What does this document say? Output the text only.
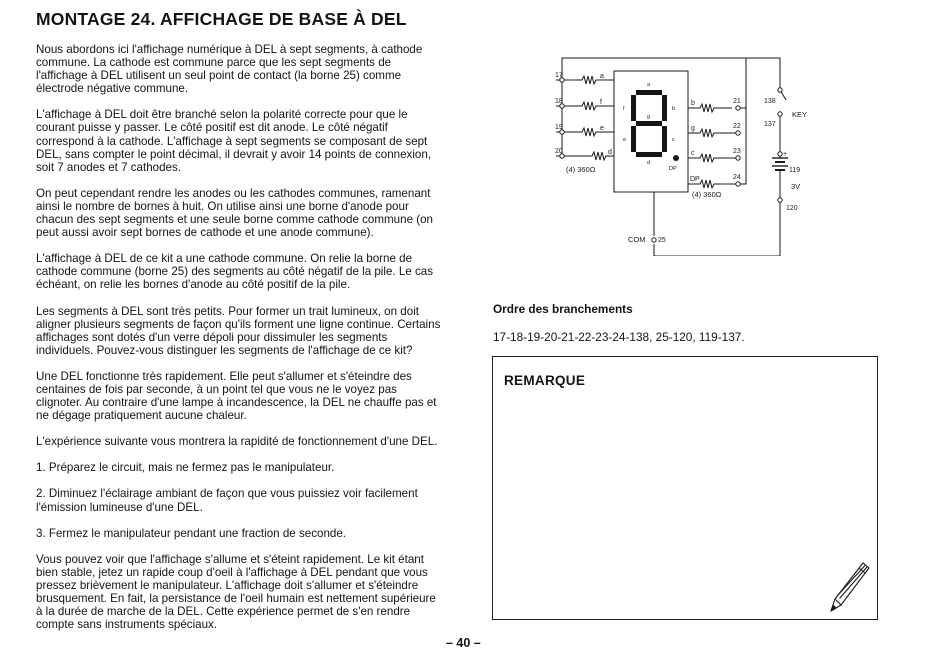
MONTAGE 24. AFFICHAGE DE BASE À DEL

Nous abordons ici l'affichage numérique à DEL à sept segments, à cathode commune. La cathode est commune parce que les sept segments de l'affichage à DEL utilisent un seul point de contact (la borne 25) comme électrode négative commune.

L'affichage à DEL doit être branché selon la polarité correcte pour que le courant puisse y passer. Le côté positif est dit anode. Le côté négatif correspond à la cathode. L'affichage à sept segments se composant de sept DEL, sans compter le point décimal, il devrait y avoir 14 points de connexion, soit 7 anodes et 7 cathodes.

On peut cependant rendre les anodes ou les cathodes communes, ramenant ainsi le nombre de bornes à huit. On utilise ainsi une borne d'anode pour chacun des sept segments et une seule borne comme cathode commune (on peut aussi avoir sept bornes de cathode et une anode commune).

L'affichage à DEL de ce kit a une cathode commune. On relie la borne de cathode commune (borne 25) des segments au côté négatif de la pile. Le cas échéant, on relie les bornes d'anode au côté positif de la pile.

Les segments à DEL sont très petits. Pour former un trait lumineux, on doit aligner plusieurs segments de façon qu'ils forment une ligne continue. Certains affichages sont dotés d'un verre dépoli pour dissimuler les segments individuels. Pouvez-vous distinguer les segments de l'affichage de ce kit?

Une DEL fonctionne très rapidement. Elle peut s'allumer et s'éteindre des centaines de fois par seconde, à un point tel que vous ne le voyez pas clignoter. Au contraire d'une lampe à incandescence, la DEL ne chauffe pas et ne dégage pratiquement aucune chaleur.

L'expérience suivante vous montrera la rapidité de fonctionnement d'une DEL.

1. Préparez le circuit, mais ne fermez pas le manipulateur.

2. Diminuez l'éclairage ambiant de façon que vous puissiez voir facilement l'émission lumineuse d'une DEL.

3. Fermez le manipulateur pendant une fraction de seconde.

Vous pouvez voir que l'affichage s'allume et s'éteint rapidement. Le kit étant bien stable, jetez un rapide coup d'oeil à l'affichage à DEL pendant que vous pressez brièvement le manipulateur. L'affichage doit s'allumer et s'éteindre brusquement. En fait, la persistance de l'oeil humain est nettement supérieure à la durée de marche de la DEL. Cette expérience permet de s'en rendre compte sans instruments spéciaux.

17
18
19
20
a
f
e
d
b
g
c
DP
21
22
23
24
138
137
119
120
25
a
f	b
g
e	c
d
DP
(4) 360Ω
(4) 360Ω
COM
KEY
3V
+
Ordre des branchements
17-18-19-20-21-22-23-24-138, 25-120, 119-137.
REMARQUE
– 40 –
